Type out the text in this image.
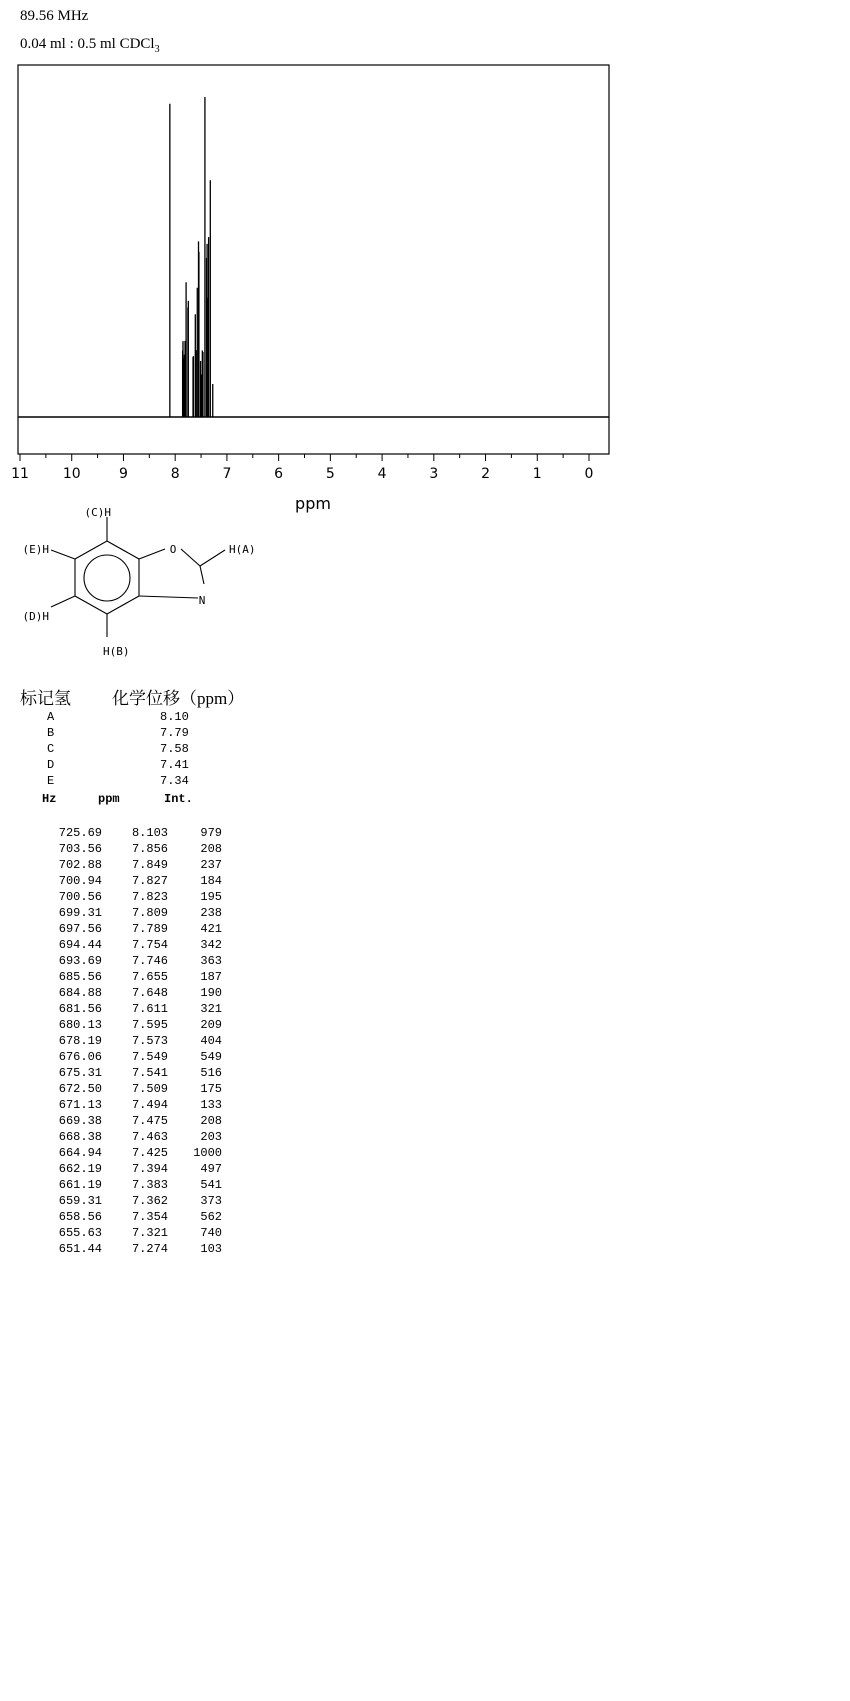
89.56 MHz
0.04 ml : 0.5 ml CDCl$_3$
11 10	9	8	7	6	5	4	3	2	1	0
ppm
O
N
H(A)
(C)H
(E)H
(D)H
H(B)
标记氢 化学位移（ppm）
A	8.10
B	7.79
C	7.58
D	7.41
E	7.34
Hz	ppm	Int.
725.69 8.103	979
703.56 7.856	208
702.88 7.849	237
700.94 7.827	184
700.56 7.823	195
699.31 7.809	238
697.56 7.789	421
694.44 7.754	342
693.69 7.746	363
685.56 7.655	187
684.88 7.648	190
681.56 7.611	321
680.13 7.595	209
678.19 7.573	404
676.06 7.549	549
675.31 7.541	516
672.50 7.509	175
671.13 7.494	133
669.38 7.475	208
668.38 7.463	203
664.94 7.425 1000
662.19 7.394	497
661.19 7.383	541
659.31 7.362	373
658.56 7.354	562
655.63 7.321	740
651.44 7.274	103
